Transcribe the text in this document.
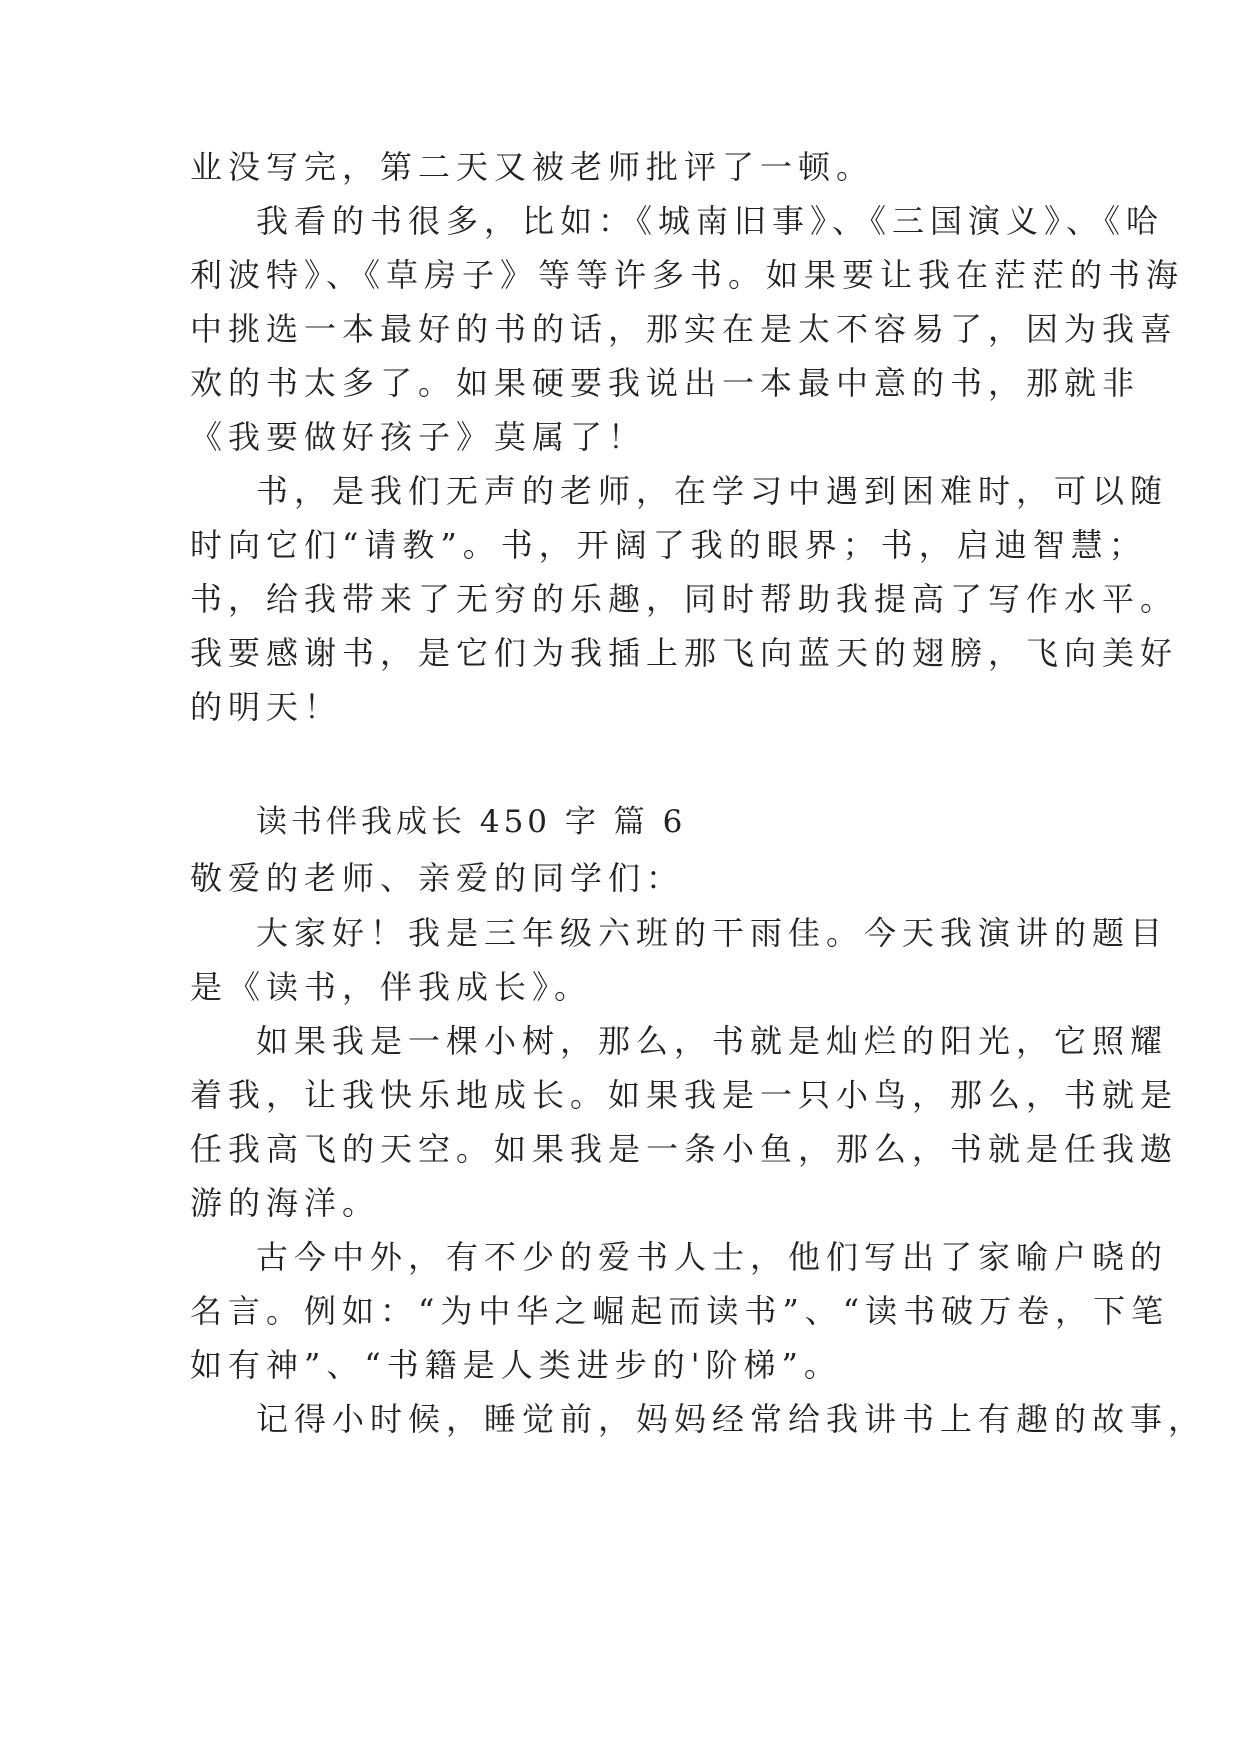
业没写完，第二天又被老师批评了一顿。
我看的书很多，比如：《城南旧事》、《三国演义》、《哈
利波特》、《草房子》等等许多书。如果要让我在茫茫的书海
中挑选一本最好的书的话，那实在是太不容易了，因为我喜
欢的书太多了。如果硬要我说出一本最中意的书，那就非
《我要做好孩子》莫属了！
书，是我们无声的老师，在学习中遇到困难时，可以随
时向它们“请教”。书，开阔了我的眼界；书，启迪智慧；
书，给我带来了无穷的乐趣，同时帮助我提高了写作水平。
我要感谢书，是它们为我插上那飞向蓝天的翅膀，飞向美好
的明天！
读书伴我成长 450 字 篇 6
敬爱的老师、亲爱的同学们：
大家好！我是三年级六班的干雨佳。今天我演讲的题目
是《读书，伴我成长》。
如果我是一棵小树，那么，书就是灿烂的阳光，它照耀
着我，让我快乐地成长。如果我是一只小鸟，那么，书就是
任我高飞的天空。如果我是一条小鱼，那么，书就是任我遨
游的海洋。
古今中外，有不少的爱书人士，他们写出了家喻户晓的
名言。例如：“为中华之崛起而读书”、“读书破万卷，下笔
如有神”、“书籍是人类进步的'阶梯”。
记得小时候，睡觉前，妈妈经常给我讲书上有趣的故事，
